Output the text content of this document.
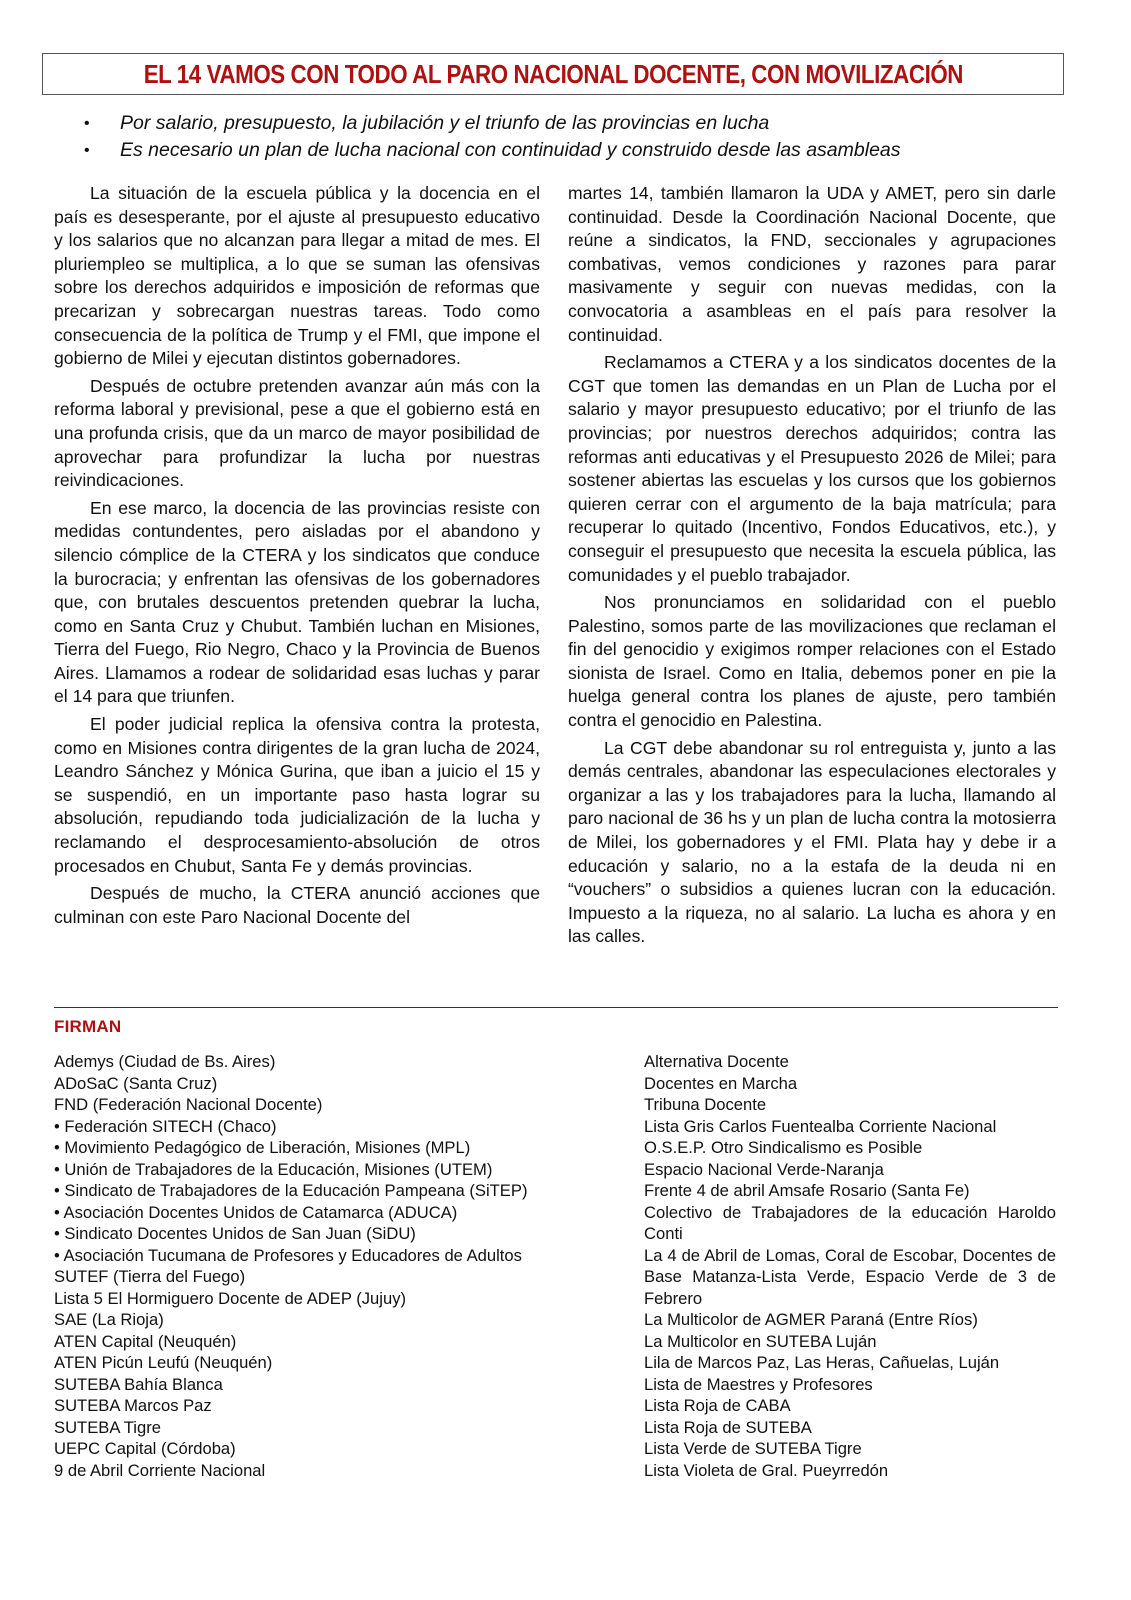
EL 14 VAMOS CON TODO AL PARO NACIONAL DOCENTE, CON MOVILIZACIÓN
• Por salario, presupuesto, la jubilación y el triunfo de las provincias en lucha
• Es necesario un plan de lucha nacional con continuidad y construido desde las asambleas

La situación de la escuela pública y la docencia en el país es desesperante, por el ajuste al presupuesto educativo y los salarios que no alcanzan para llegar a mitad de mes. El pluriempleo se multiplica, a lo que se suman las ofensivas sobre los derechos adquiridos e imposición de reformas que precarizan y sobrecargan nuestras tareas. Todo como consecuencia de la política de Trump y el FMI, que impone el gobierno de Milei y ejecutan distintos gobernadores.

Después de octubre pretenden avanzar aún más con la reforma laboral y previsional, pese a que el gobierno está en una profunda crisis, que da un marco de mayor posibilidad de aprovechar para profundizar la lucha por nuestras reivindicaciones.

En ese marco, la docencia de las provincias resiste con medidas contundentes, pero aisladas por el abandono y silencio cómplice de la CTERA y los sindicatos que conduce la burocracia; y enfrentan las ofensivas de los gobernadores que, con brutales descuentos pretenden quebrar la lucha, como en Santa Cruz y Chubut. También luchan en Misiones, Tierra del Fuego, Rio Negro, Chaco y la Provincia de Buenos Aires. Llamamos a rodear de solidaridad esas luchas y parar el 14 para que triunfen.

El poder judicial replica la ofensiva contra la protesta, como en Misiones contra dirigentes de la gran lucha de 2024, Leandro Sánchez y Mónica Gurina, que iban a juicio el 15 y se suspendió, en un importante paso hasta lograr su absolución, repudiando toda judicialización de la lucha y reclamando el desprocesamiento-absolución de otros procesados en Chubut, Santa Fe y demás provincias.

Después de mucho, la CTERA anunció acciones que culminan con este Paro Nacional Docente del

martes 14, también llamaron la UDA y AMET, pero sin darle continuidad. Desde la Coordinación Nacional Docente, que reúne a sindicatos, la FND, seccionales y agrupaciones combativas, vemos condiciones y razones para parar masivamente y seguir con nuevas medidas, con la convocatoria a asambleas en el país para resolver la continuidad.

Reclamamos a CTERA y a los sindicatos docentes de la CGT que tomen las demandas en un Plan de Lucha por el salario y mayor presupuesto educativo; por el triunfo de las provincias; por nuestros derechos adquiridos; contra las reformas anti educativas y el Presupuesto 2026 de Milei; para sostener abiertas las escuelas y los cursos que los gobiernos quieren cerrar con el argumento de la baja matrícula; para recuperar lo quitado (Incentivo, Fondos Educativos, etc.), y conseguir el presupuesto que necesita la escuela pública, las comunidades y el pueblo trabajador.

Nos pronunciamos en solidaridad con el pueblo Palestino, somos parte de las movilizaciones que reclaman el fin del genocidio y exigimos romper relaciones con el Estado sionista de Israel. Como en Italia, debemos poner en pie la huelga general contra los planes de ajuste, pero también contra el genocidio en Palestina.

La CGT debe abandonar su rol entreguista y, junto a las demás centrales, abandonar las especulaciones electorales y organizar a las y los trabajadores para la lucha, llamando al paro nacional de 36 hs y un plan de lucha contra la motosierra de Milei, los gobernadores y el FMI. Plata hay y debe ir a educación y salario, no a la estafa de la deuda ni en “vouchers” o subsidios a quienes lucran con la educación. Impuesto a la riqueza, no al salario. La lucha es ahora y en las calles.

FIRMAN
Ademys (Ciudad de Bs. Aires)
ADoSaC (Santa Cruz)
FND (Federación Nacional Docente)
• Federación SITECH (Chaco)
• Movimiento Pedagógico de Liberación, Misiones (MPL)
• Unión de Trabajadores de la Educación, Misiones (UTEM)
• Sindicato de Trabajadores de la Educación Pampeana (SiTEP)
• Asociación Docentes Unidos de Catamarca (ADUCA)
• Sindicato Docentes Unidos de San Juan (SiDU)
• Asociación Tucumana de Profesores y Educadores de Adultos
SUTEF (Tierra del Fuego)
Lista 5 El Hormiguero Docente de ADEP (Jujuy)
SAE (La Rioja)
ATEN Capital (Neuquén)
ATEN Picún Leufú (Neuquén)
SUTEBA Bahía Blanca
SUTEBA Marcos Paz
SUTEBA Tigre
UEPC Capital (Córdoba)
9 de Abril Corriente Nacional
Alternativa Docente
Docentes en Marcha
Tribuna Docente
Lista Gris Carlos Fuentealba Corriente Nacional
O.S.E.P. Otro Sindicalismo es Posible
Espacio Nacional Verde-Naranja
Frente 4 de abril Amsafe Rosario (Santa Fe)
Colectivo de Trabajadores de la educación Haroldo Conti
La 4 de Abril de Lomas, Coral de Escobar, Docentes de Base Matanza-Lista Verde, Espacio Verde de 3 de Febrero
La Multicolor de AGMER Paraná (Entre Ríos)
La Multicolor en SUTEBA Luján
Lila de Marcos Paz, Las Heras, Cañuelas, Luján
Lista de Maestres y Profesores
Lista Roja de CABA
Lista Roja de SUTEBA
Lista Verde de SUTEBA Tigre
Lista Violeta de Gral. Pueyrredón
